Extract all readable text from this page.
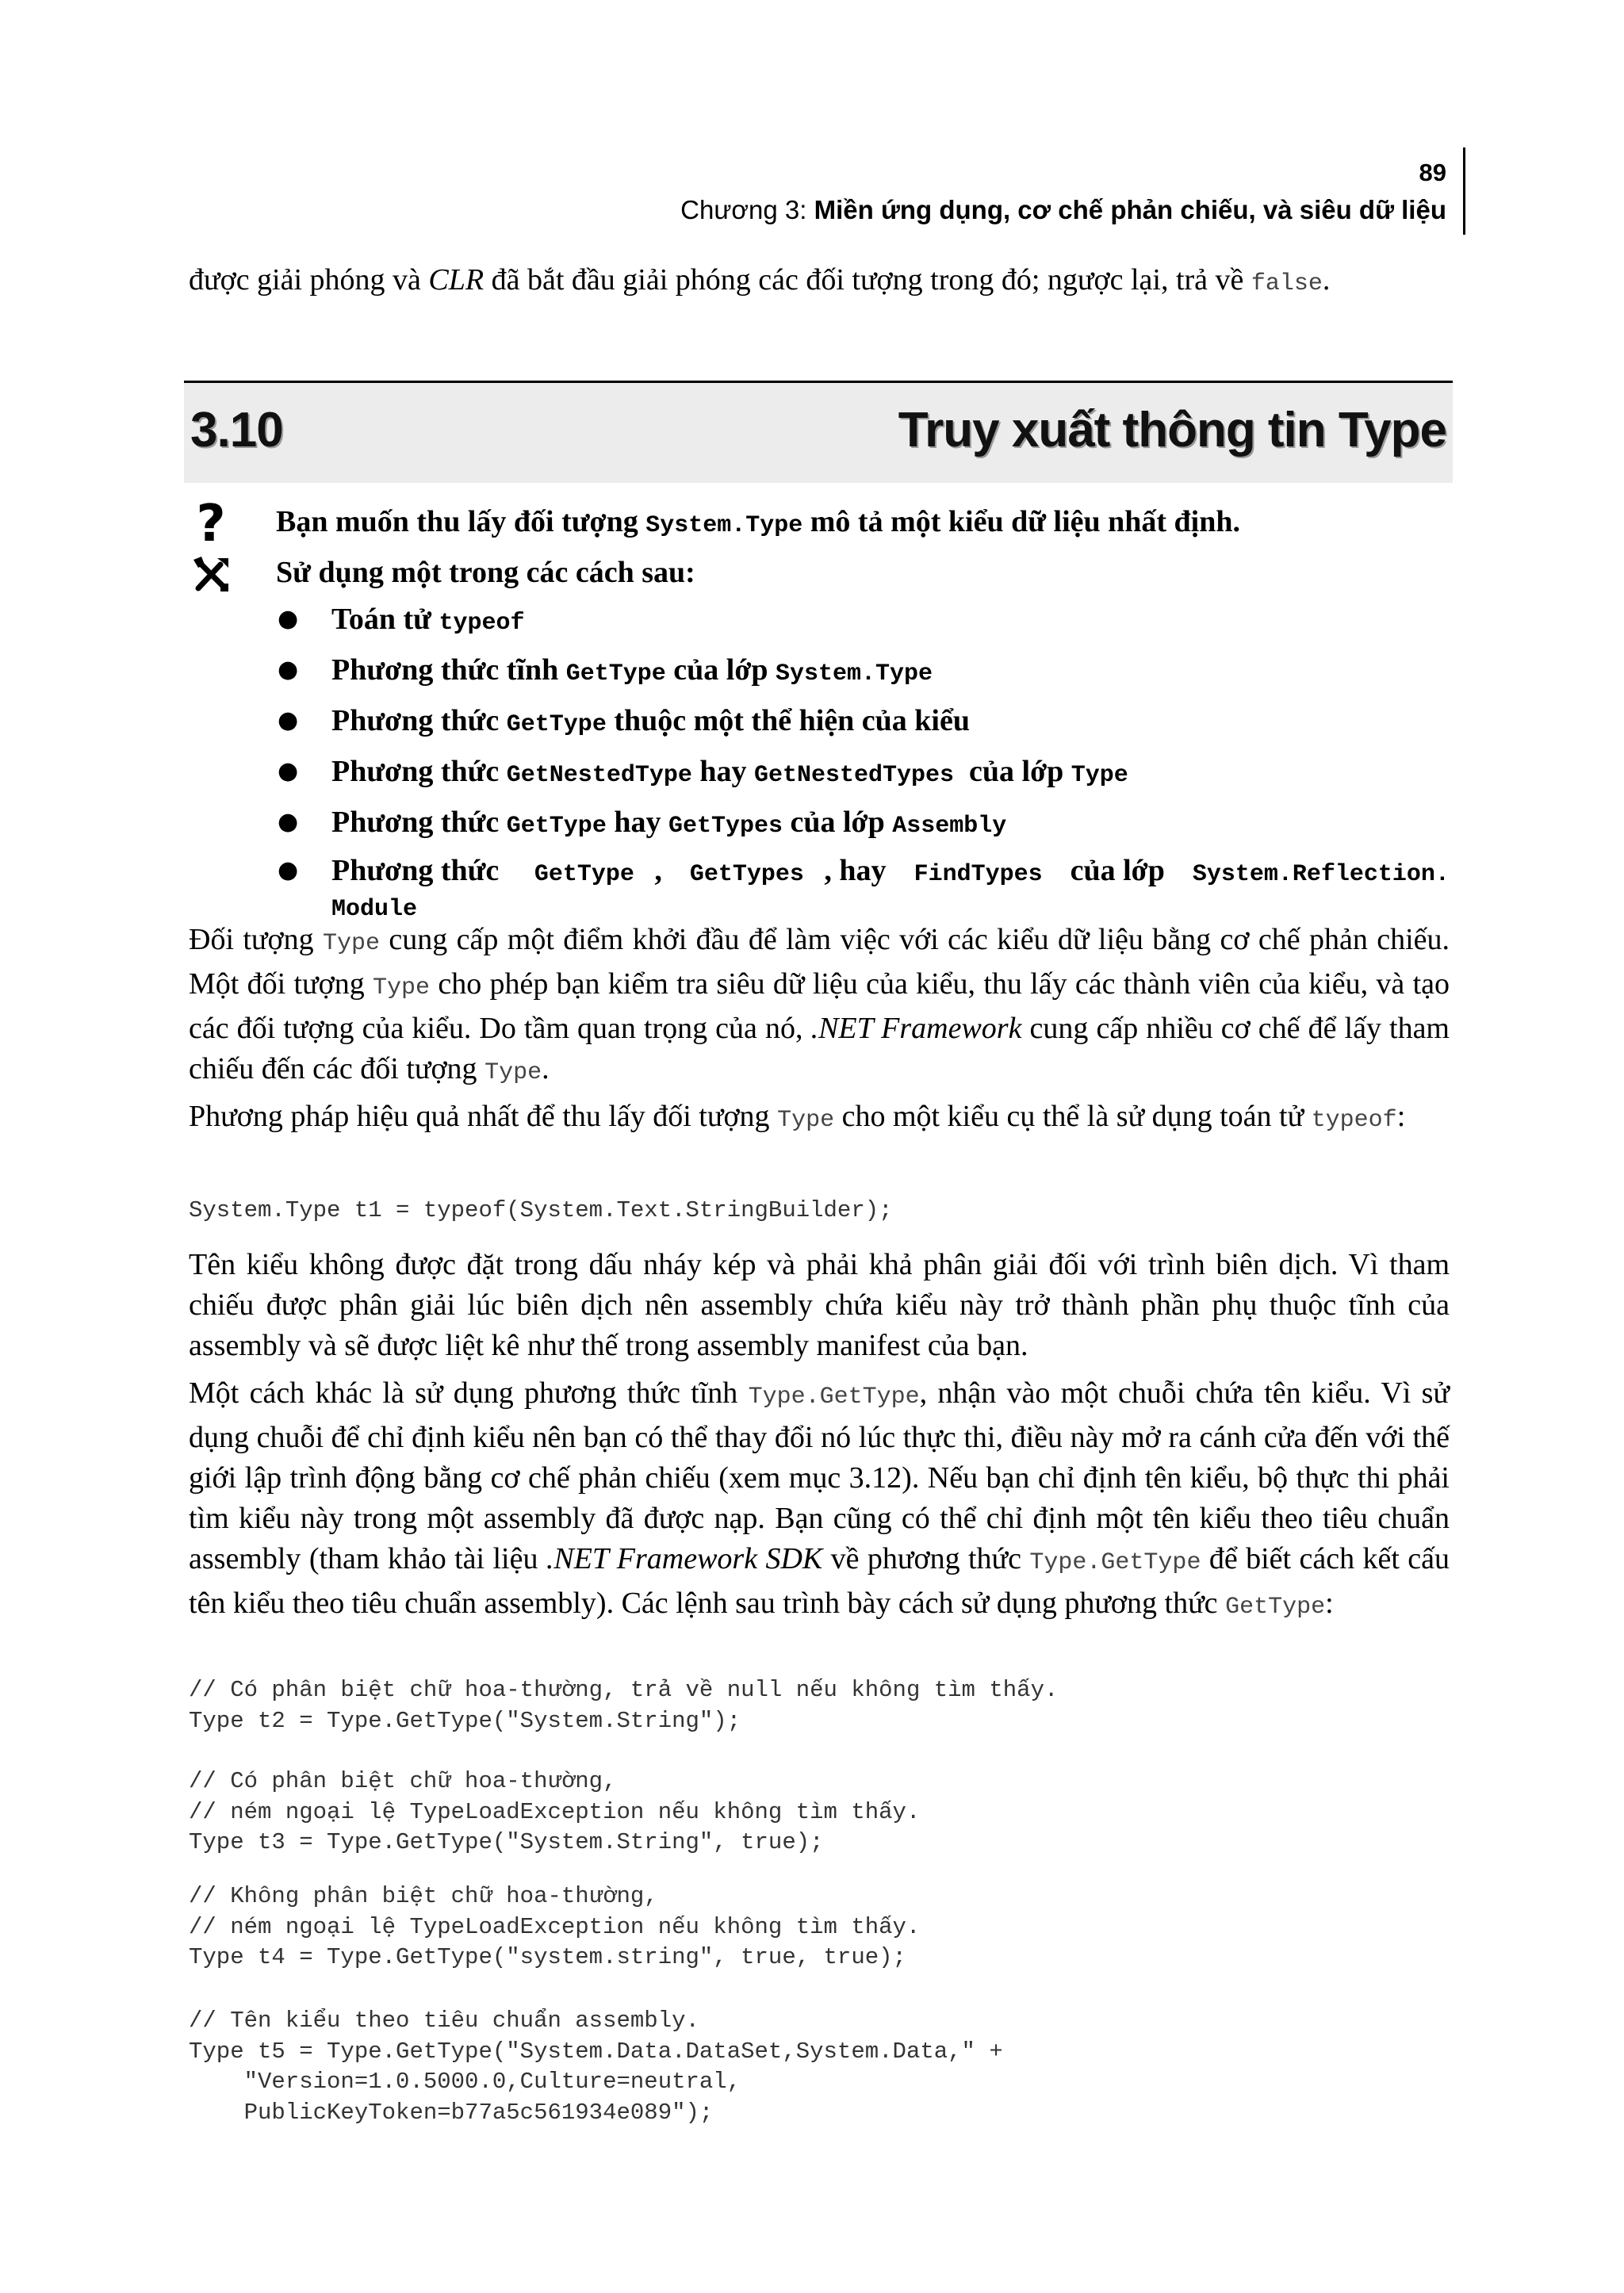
89
Chương 3: Miền ứng dụng, cơ chế phản chiếu, và siêu dữ liệu

được giải phóng và CLR đã bắt đầu giải phóng các đối tượng trong đó; ngược lại, trả về false.

3.10	Truy xuất thông tin Type
? Bạn muốn thu lấy đối tượng System.Type mô tả một kiểu dữ liệu nhất định.
Sử dụng một trong các cách sau:
● Toán tử typeof
● Phương thức tĩnh GetType của lớp System.Type
● Phương thức GetType thuộc một thể hiện của kiểu
● Phương thức GetNestedType hay GetNestedTypes  của lớp Type
● Phương thức GetType hay GetTypes của lớp Assembly
● Phương thức GetType , GetTypes , hay FindTypes của lớp System.Reflection.
Module

Đối tượng Type cung cấp một điểm khởi đầu để làm việc với các kiểu dữ liệu bằng cơ chế phản chiếu. Một đối tượng Type cho phép bạn kiểm tra siêu dữ liệu của kiểu, thu lấy các thành viên của kiểu, và tạo các đối tượng của kiểu. Do tầm quan trọng của nó, .NET Framework cung cấp nhiều cơ chế để lấy tham chiếu đến các đối tượng Type.

Phương pháp hiệu quả nhất để thu lấy đối tượng Type cho một kiểu cụ thể là sử dụng toán tử typeof:

System.Type t1 = typeof(System.Text.StringBuilder);

Tên kiểu không được đặt trong dấu nháy kép và phải khả phân giải đối với trình biên dịch. Vì tham chiếu được phân giải lúc biên dịch nên assembly chứa kiểu này trở thành phần phụ thuộc tĩnh của assembly và sẽ được liệt kê như thế trong assembly manifest của bạn.

Một cách khác là sử dụng phương thức tĩnh Type.GetType, nhận vào một chuỗi chứa tên kiểu. Vì sử dụng chuỗi để chỉ định kiểu nên bạn có thể thay đổi nó lúc thực thi, điều này mở ra cánh cửa đến với thế giới lập trình động bằng cơ chế phản chiếu (xem mục 3.12). Nếu bạn chỉ định tên kiểu, bộ thực thi phải tìm kiểu này trong một assembly đã được nạp. Bạn cũng có thể chỉ định một tên kiểu theo tiêu chuẩn assembly (tham khảo tài liệu .NET Framework SDK về phương thức Type.GetType để biết cách kết cấu tên kiểu theo tiêu chuẩn assembly). Các lệnh sau trình bày cách sử dụng phương thức GetType:

// Có phân biệt chữ hoa-thường, trả về null nếu không tìm thấy.
Type t2 = Type.GetType("System.String");
// Có phân biệt chữ hoa-thường,
// ném ngoại lệ TypeLoadException nếu không tìm thấy.
Type t3 = Type.GetType("System.String", true);
// Không phân biệt chữ hoa-thường,
// ném ngoại lệ TypeLoadException nếu không tìm thấy.
Type t4 = Type.GetType("system.string", true, true);
// Tên kiểu theo tiêu chuẩn assembly.
Type t5 = Type.GetType("System.Data.DataSet,System.Data," +
"Version=1.0.5000.0,Culture=neutral,
PublicKeyToken=b77a5c561934e089");
